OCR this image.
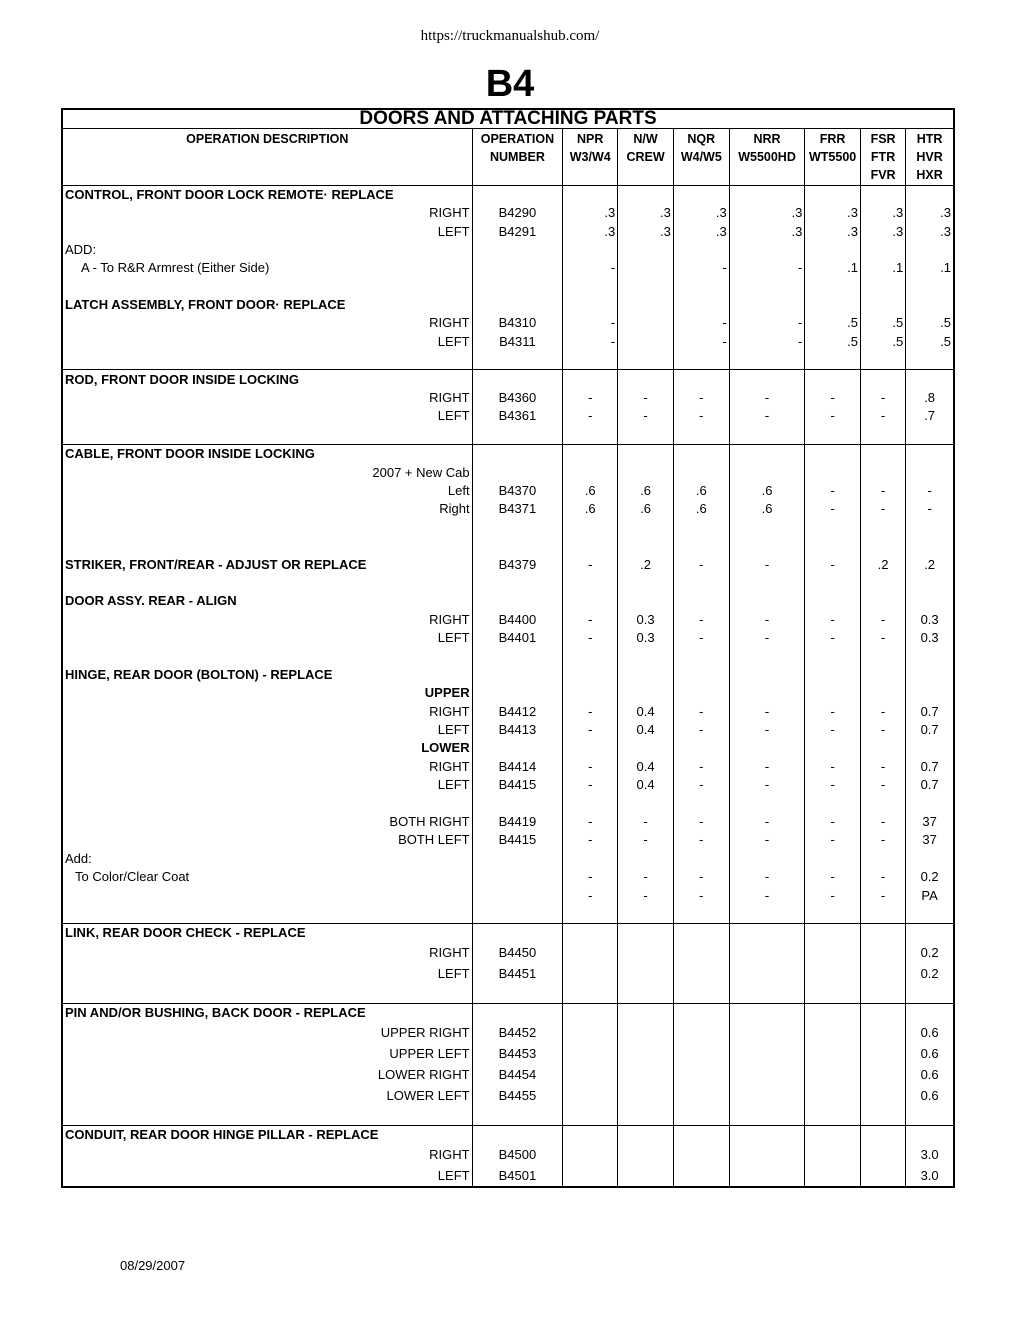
https://truckmanualshub.com/
B4
DOORS AND ATTACHING PARTS								
OPERATION DESCRIPTION	OPERATION	NPR	N/W	NQR	NRR	FRR	FSR	HTR
	NUMBER	W3/W4	CREW	W4/W5	W5500HD	WT5500	FTR	HVR
							FVR	HXR
CONTROL, FRONT DOOR LOCK REMOTE· REPLACE								
RIGHT	B4290	.3	.3	.3	.3	.3	.3	.3
LEFT	B4291	.3	.3	.3	.3	.3	.3	.3
ADD:								
A - To R&R Armrest (Either Side)		-		-	-	.1	.1	.1

LATCH ASSEMBLY, FRONT DOOR· REPLACE								
RIGHT	B4310	-		-	-	.5	.5	.5
LEFT	B4311	-		-	-	.5	.5	.5

ROD, FRONT DOOR INSIDE LOCKING								
RIGHT	B4360	-	-	-	-	-	-	.8
LEFT	B4361	-	-	-	-	-	-	.7

CABLE, FRONT DOOR INSIDE LOCKING								
2007 + New Cab								
Left	B4370	.6	.6	.6	.6	-	-	-
Right	B4371	.6	.6	.6	.6	-	-	-

STRIKER, FRONT/REAR - ADJUST OR REPLACE	B4379	-	.2	-	-	-	.2	.2

DOOR ASSY. REAR - ALIGN								
RIGHT	B4400	-	0.3	-	-	-	-	0.3
LEFT	B4401	-	0.3	-	-	-	-	0.3

HINGE, REAR DOOR (BOLTON) - REPLACE								
UPPER								
RIGHT	B4412	-	0.4	-	-	-	-	0.7
LEFT	B4413	-	0.4	-	-	-	-	0.7
LOWER								
RIGHT	B4414	-	0.4	-	-	-	-	0.7
LEFT	B4415	-	0.4	-	-	-	-	0.7

BOTH RIGHT	B4419	-	-	-	-	-	-	37
BOTH LEFT	B4415	-	-	-	-	-	-	37
Add:								
To Color/Clear Coat		-	-	-	-	-	-	0.2
		-	-	-	-	-	-	PA

LINK, REAR DOOR CHECK - REPLACE								
RIGHT	B4450							0.2
LEFT	B4451							0.2

PIN AND/OR BUSHING, BACK DOOR - REPLACE								
UPPER RIGHT	B4452							0.6
UPPER LEFT	B4453							0.6
LOWER RIGHT	B4454							0.6
LOWER LEFT	B4455							0.6

CONDUIT, REAR DOOR HINGE PILLAR - REPLACE								
RIGHT	B4500							3.0
LEFT	B4501							3.0
08/29/2007
